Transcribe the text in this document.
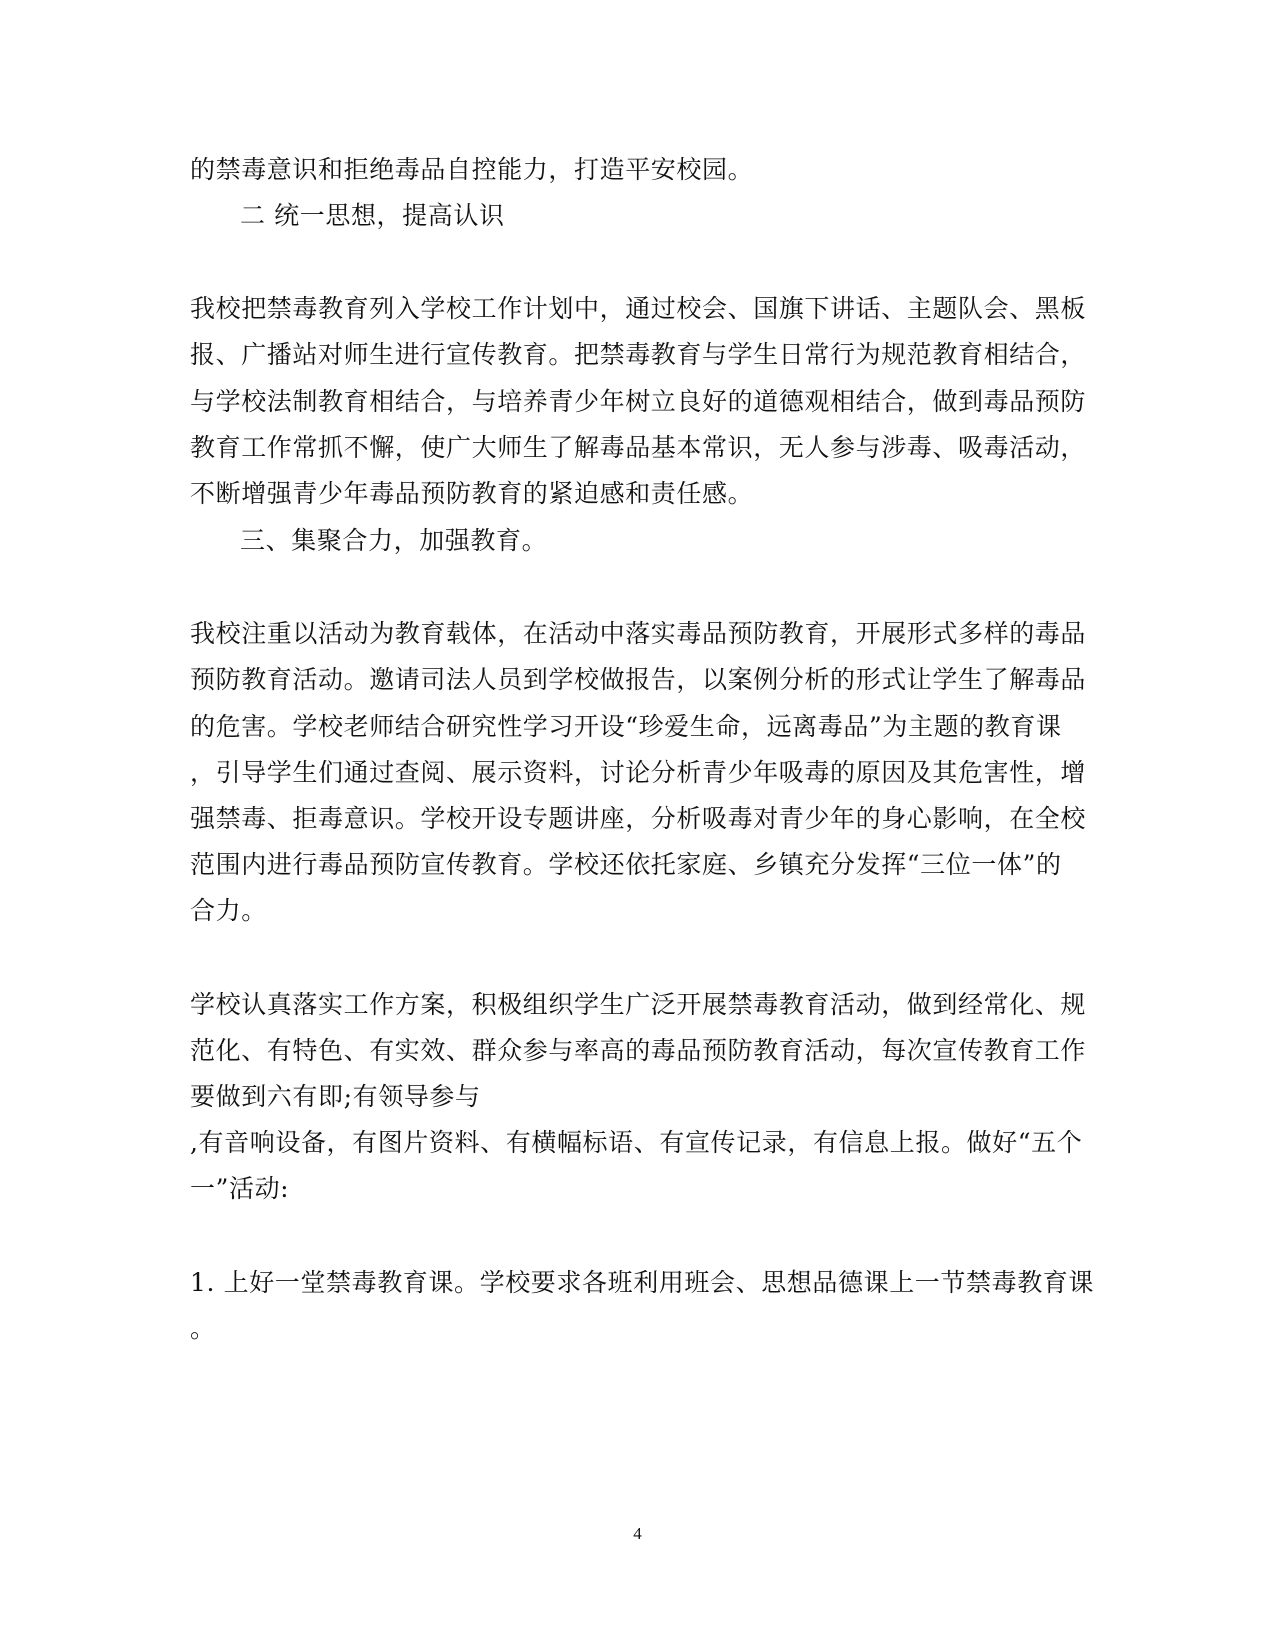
的禁毒意识和拒绝毒品自控能力，打造平安校园。
二 统一思想，提高认识
我校把禁毒教育列入学校工作计划中，通过校会、国旗下讲话、主题队会、黑板
报、广播站对师生进行宣传教育。把禁毒教育与学生日常行为规范教育相结合，
与学校法制教育相结合，与培养青少年树立良好的道德观相结合，做到毒品预防
教育工作常抓不懈，使广大师生了解毒品基本常识，无人参与涉毒、吸毒活动，
不断增强青少年毒品预防教育的紧迫感和责任感。
三、集聚合力，加强教育。
我校注重以活动为教育载体，在活动中落实毒品预防教育，开展形式多样的毒品
预防教育活动。邀请司法人员到学校做报告，以案例分析的形式让学生了解毒品
的危害。学校老师结合研究性学习开设“珍爱生命，远离毒品”为主题的教育课
，引导学生们通过查阅、展示资料，讨论分析青少年吸毒的原因及其危害性，增
强禁毒、拒毒意识。学校开设专题讲座，分析吸毒对青少年的身心影响，在全校
范围内进行毒品预防宣传教育。学校还依托家庭、乡镇充分发挥“三位一体”的
合力。
学校认真落实工作方案，积极组织学生广泛开展禁毒教育活动，做到经常化、规
范化、有特色、有实效、群众参与率高的毒品预防教育活动，每次宣传教育工作
要做到六有即;有领导参与
,有音响设备，有图片资料、有横幅标语、有宣传记录，有信息上报。做好“五个
一”活动:
1. 上好一堂禁毒教育课。学校要求各班利用班会、思想品德课上一节禁毒教育课
。
4
